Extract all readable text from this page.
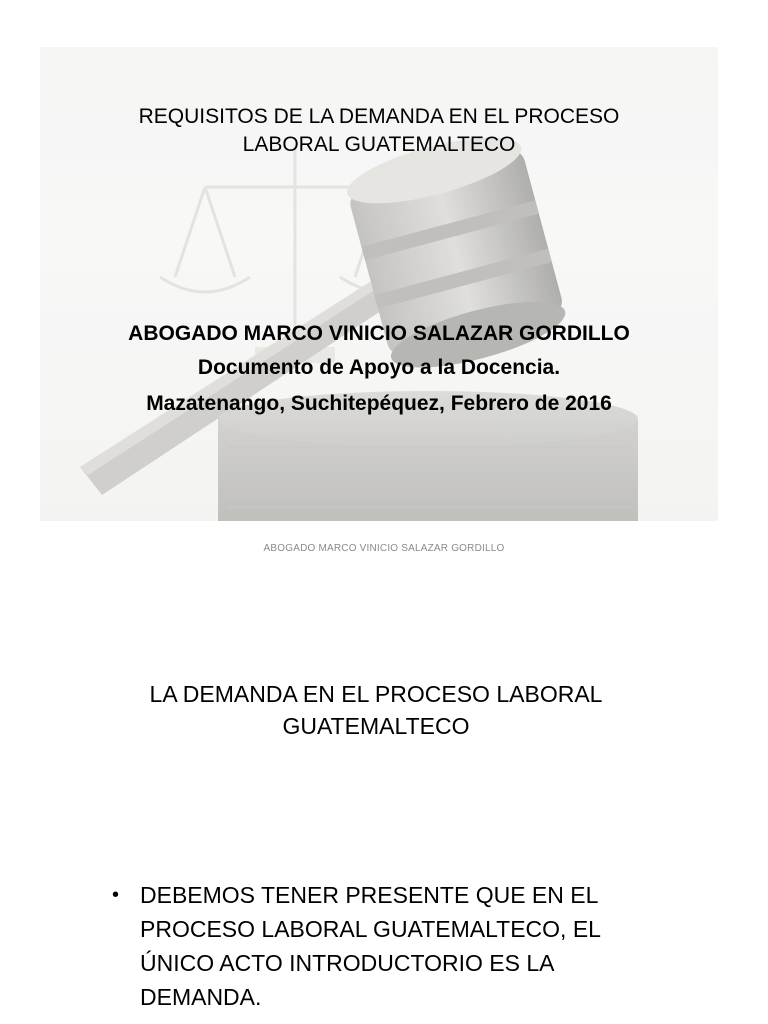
REQUISITOS DE LA DEMANDA EN EL PROCESO
LABORAL GUATEMALTECO

ABOGADO MARCO VINICIO SALAZAR GORDILLO

Documento de Apoyo a la Docencia.

Mazatenango, Suchitepéquez, Febrero de 2016

ABOGADO MARCO VINICIO SALAZAR GORDILLO
LA DEMANDA EN EL PROCESO LABORAL
GUATEMALTECO
• DEBEMOS TENER PRESENTE QUE EN EL
PROCESO LABORAL GUATEMALTECO, EL
ÚNICO ACTO INTRODUCTORIO ES LA
DEMANDA.
